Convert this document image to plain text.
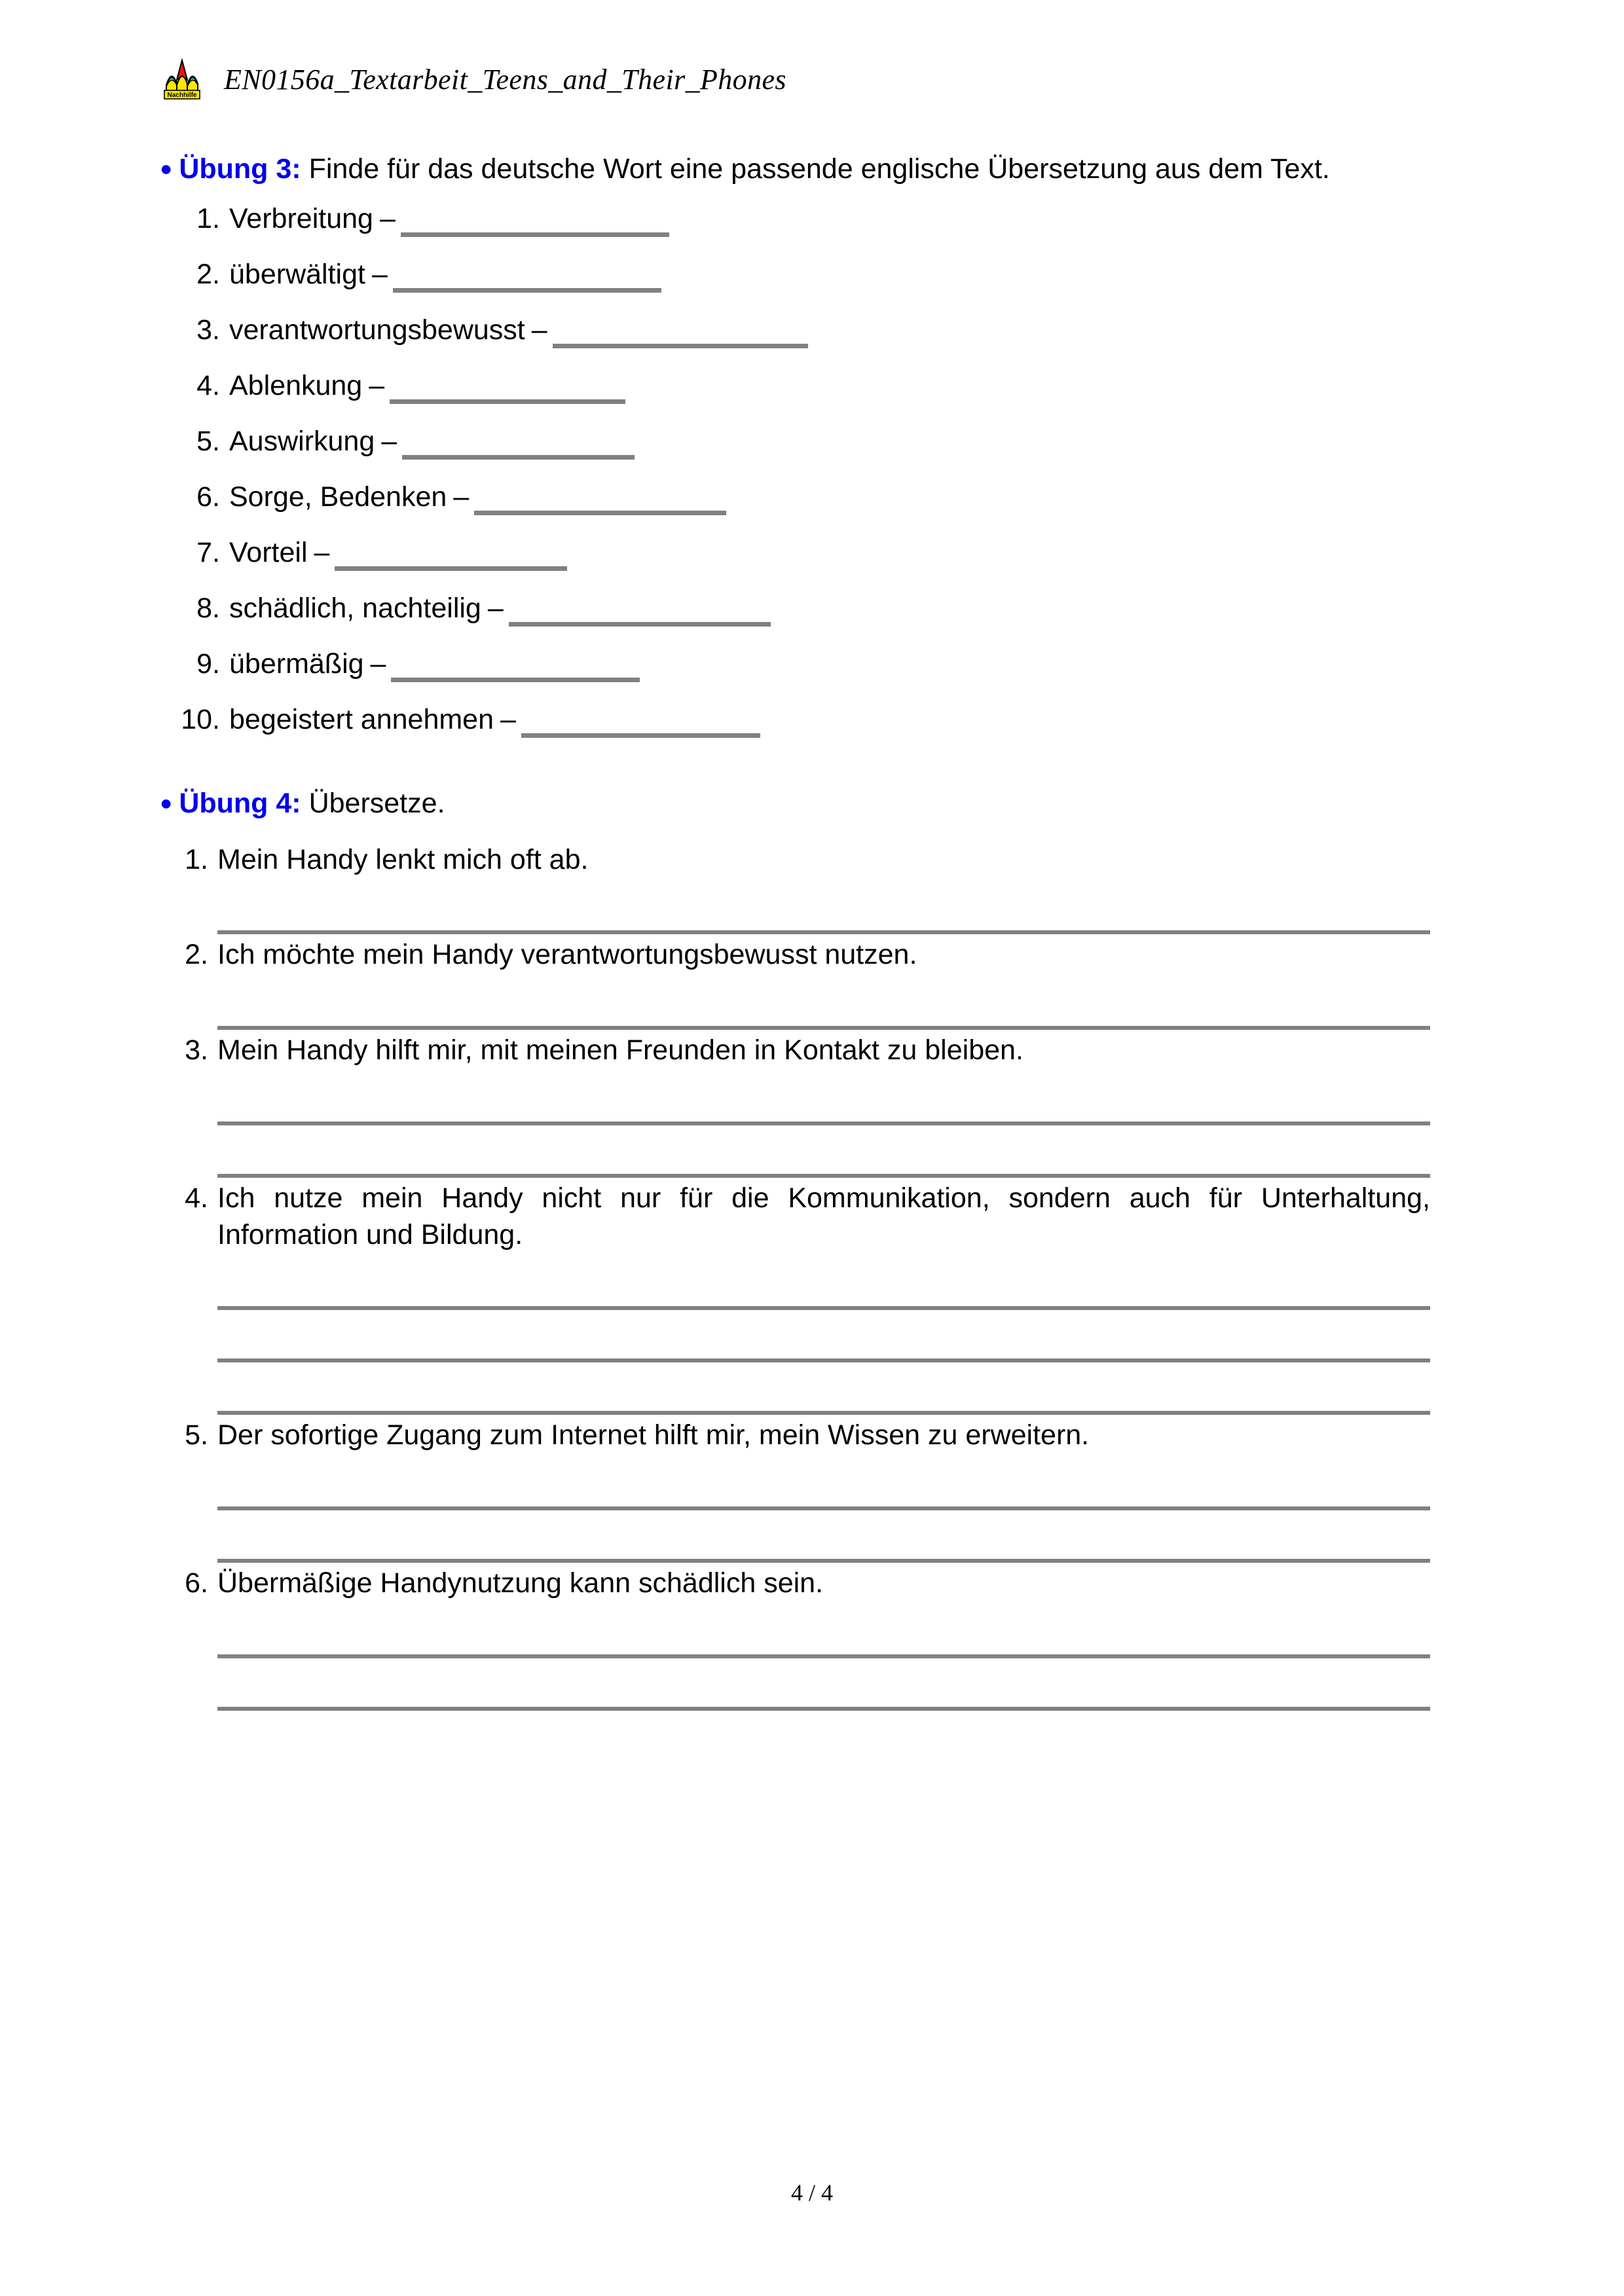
Nachhilfe EN0156a_Textarbeit_Teens_and_Their_Phones

● Übung 3: Finde für das deutsche Wort eine passende englische Übersetzung aus dem Text.

1. Verbreitung –
2. überwältigt –
3. verantwortungsbewusst –
4. Ablenkung –
5. Auswirkung –
6. Sorge, Bedenken –
7. Vorteil –
8. schädlich, nachteilig –
9. übermäßig –
10. begeistert annehmen –

● Übung 4: Übersetze.

1. Mein Handy lenkt mich oft ab.
2. Ich möchte mein Handy verantwortungsbewusst nutzen.
3. Mein Handy hilft mir, mit meinen Freunden in Kontakt zu bleiben.
4. Ich nutze mein Handy nicht nur für die Kommunikation, sondern auch für Unterhaltung, Information und Bildung.
5. Der sofortige Zugang zum Internet hilft mir, mein Wissen zu erweitern.
6. Übermäßige Handynutzung kann schädlich sein.
4 / 4
